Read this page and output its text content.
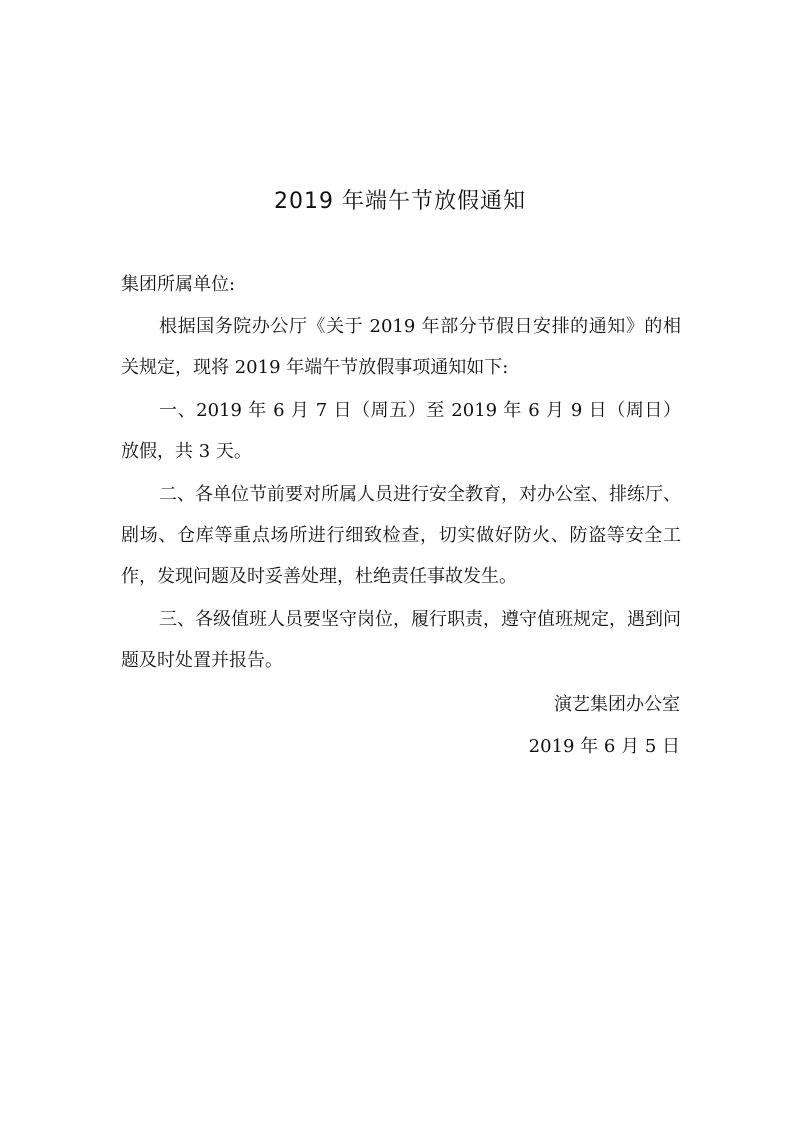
2019 年端午节放假通知
集团所属单位:

根据国务院办公厅《关于 2019 年部分节假日安排的通知》的相关规定，现将 2019 年端午节放假事项通知如下:

一、2019 年 6 月 7 日（周五）至 2019 年 6 月 9 日（周日）放假，共 3 天。

二、各单位节前要对所属人员进行安全教育，对办公室、排练厅、剧场、仓库等重点场所进行细致检查，切实做好防火、防盗等安全工作，发现问题及时妥善处理，杜绝责任事故发生。

三、各级值班人员要坚守岗位，履行职责，遵守值班规定，遇到问题及时处置并报告。

演艺集团办公室
2019 年 6 月 5 日
